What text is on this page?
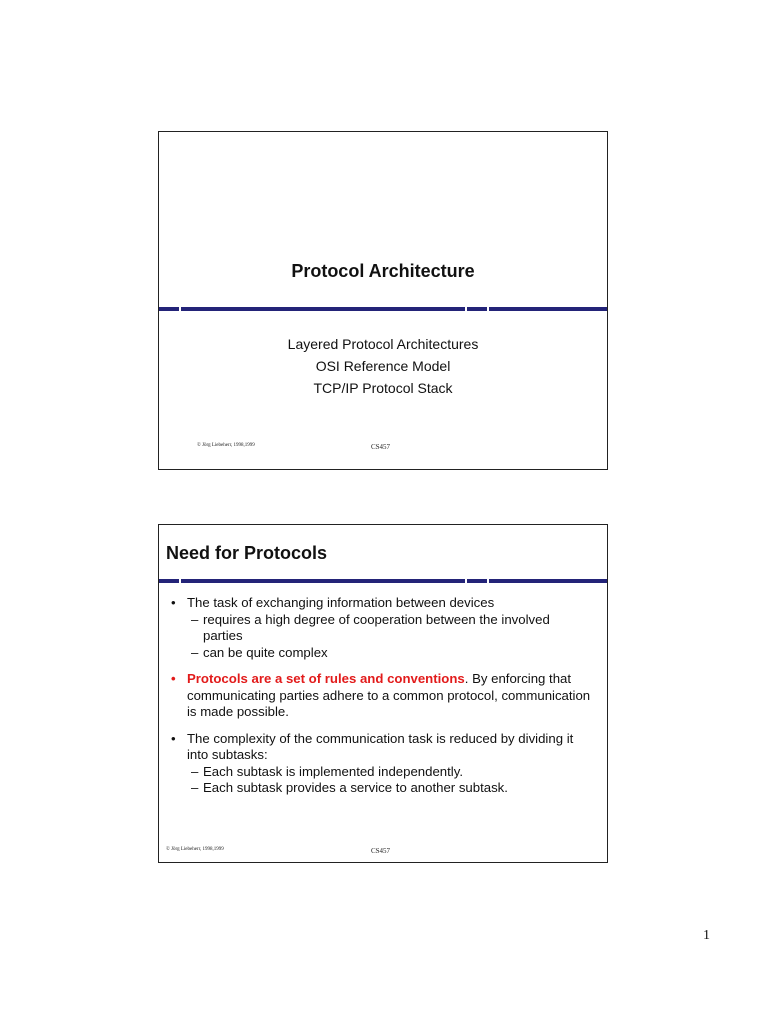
Protocol Architecture
Layered Protocol Architectures
OSI Reference Model
TCP/IP Protocol Stack
© Jörg Liebeherr, 1998,1999	CS457
Need for Protocols
• The task of exchanging information between devices
– requires a high degree of cooperation between the involved parties
– can be quite complex
• Protocols are a set of rules and conventions. By enforcing that communicating parties adhere to a common protocol, communication is made possible.
• The complexity of the communication task is reduced by dividing it into subtasks:
– Each subtask is implemented independently.
– Each subtask provides a service to another subtask.
© Jörg Liebeherr, 1998,1999	CS457
1
